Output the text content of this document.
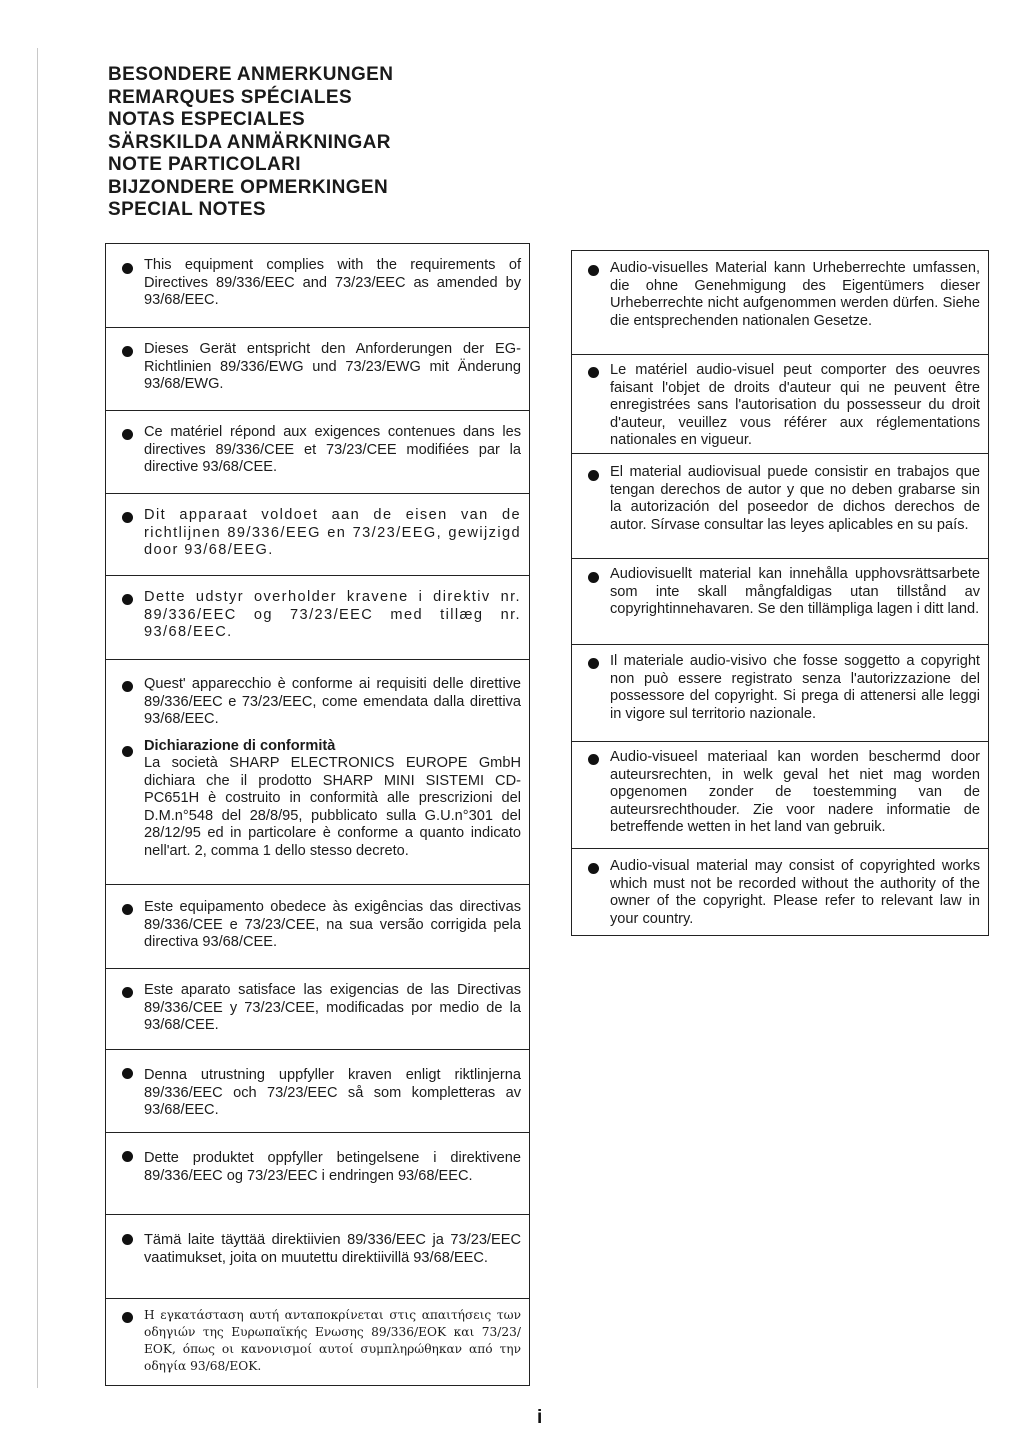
BESONDERE ANMERKUNGEN
REMARQUES SPÉCIALES
NOTAS ESPECIALES
SÄRSKILDA ANMÄRKNINGAR
NOTE PARTICOLARI
BIJZONDERE OPMERKINGEN
SPECIAL NOTES

This equipment complies with the requirements of Directives 89/336/EEC and 73/23/EEC as amended by 93/68/EEC.

Dieses Gerät entspricht den Anforderungen der EG-Richtlinien 89/336/EWG und 73/23/EWG mit Änderung 93/68/EWG.

Ce matériel répond aux exigences contenues dans les directives 89/336/CEE et 73/23/CEE modifiées par la directive 93/68/CEE.

Dit apparaat voldoet aan de eisen van de richtlijnen 89/336/EEG en 73/23/EEG, gewijzigd door 93/68/EEG.

Dette udstyr overholder kravene i direktiv nr. 89/336/EEC og 73/23/EEC med tillæg nr. 93/68/EEC.

Quest' apparecchio è conforme ai requisiti delle direttive 89/336/EEC e 73/23/EEC, come emendata dalla direttiva 93/68/EEC.

Dichiarazione di conformità

La società SHARP ELECTRONICS EUROPE GmbH dichiara che il prodotto SHARP MINI SISTEMI CD-PC651H è costruito in conformità alle prescrizioni del D.M.n°548 del 28/8/95, pubblicato sulla G.U.n°301 del 28/12/95 ed in particolare è conforme a quanto indicato nell'art. 2, comma 1 dello stesso decreto.

Este equipamento obedece às exigências das directivas 89/336/CEE e 73/23/CEE, na sua versão corrigida pela directiva 93/68/CEE.

Este aparato satisface las exigencias de las Directivas 89/336/CEE y 73/23/CEE, modificadas por medio de la 93/68/CEE.

Denna utrustning uppfyller kraven enligt riktlinjerna 89/336/EEC och 73/23/EEC så som kompletteras av 93/68/EEC.

Dette produktet oppfyller betingelsene i direktivene 89/336/EEC og 73/23/EEC i endringen 93/68/EEC.

Tämä laite täyttää direktiivien 89/336/EEC ja 73/23/EEC vaatimukset, joita on muutettu direktiivillä 93/68/EEC.

Η εγκατάσταση αυτή ανταποκρίνεται στις απαιτήσεις των οδηγιών της Ευρωπαϊκής Ενωσης 89/336/ΕΟΚ και 73/23/ΕΟΚ, όπως οι κανονισμοί αυτοί συμπληρώθηκαν από την οδηγία 93/68/ΕΟΚ.

Audio-visuelles Material kann Urheberrechte umfassen, die ohne Genehmigung des Eigentümers dieser Urheberrechte nicht aufgenommen werden dürfen. Siehe die entsprechenden nationalen Gesetze.

Le matériel audio-visuel peut comporter des oeuvres faisant l'objet de droits d'auteur qui ne peuvent être enregistrées sans l'autorisation du possesseur du droit d'auteur, veuillez vous référer aux réglementations nationales en vigueur.

El material audiovisual puede consistir en trabajos que tengan derechos de autor y que no deben grabarse sin la autorización del poseedor de dichos derechos de autor. Sírvase consultar las leyes aplicables en su país.

Audiovisuellt material kan innehålla upphovsrättsarbete som inte skall mångfaldigas utan tillstånd av copyrightinnehavaren. Se den tillämpliga lagen i ditt land.

Il materiale audio-visivo che fosse soggetto a copyright non può essere registrato senza l'autorizzazione del possessore del copyright. Si prega di attenersi alle leggi in vigore sul territorio nazionale.

Audio-visueel materiaal kan worden beschermd door auteursrechten, in welk geval het niet mag worden opgenomen zonder de toestemming van de auteursrechthouder. Zie voor nadere informatie de betreffende wetten in het land van gebruik.

Audio-visual material may consist of copyrighted works which must not be recorded without the authority of the owner of the copyright. Please refer to relevant law in your country.

i
